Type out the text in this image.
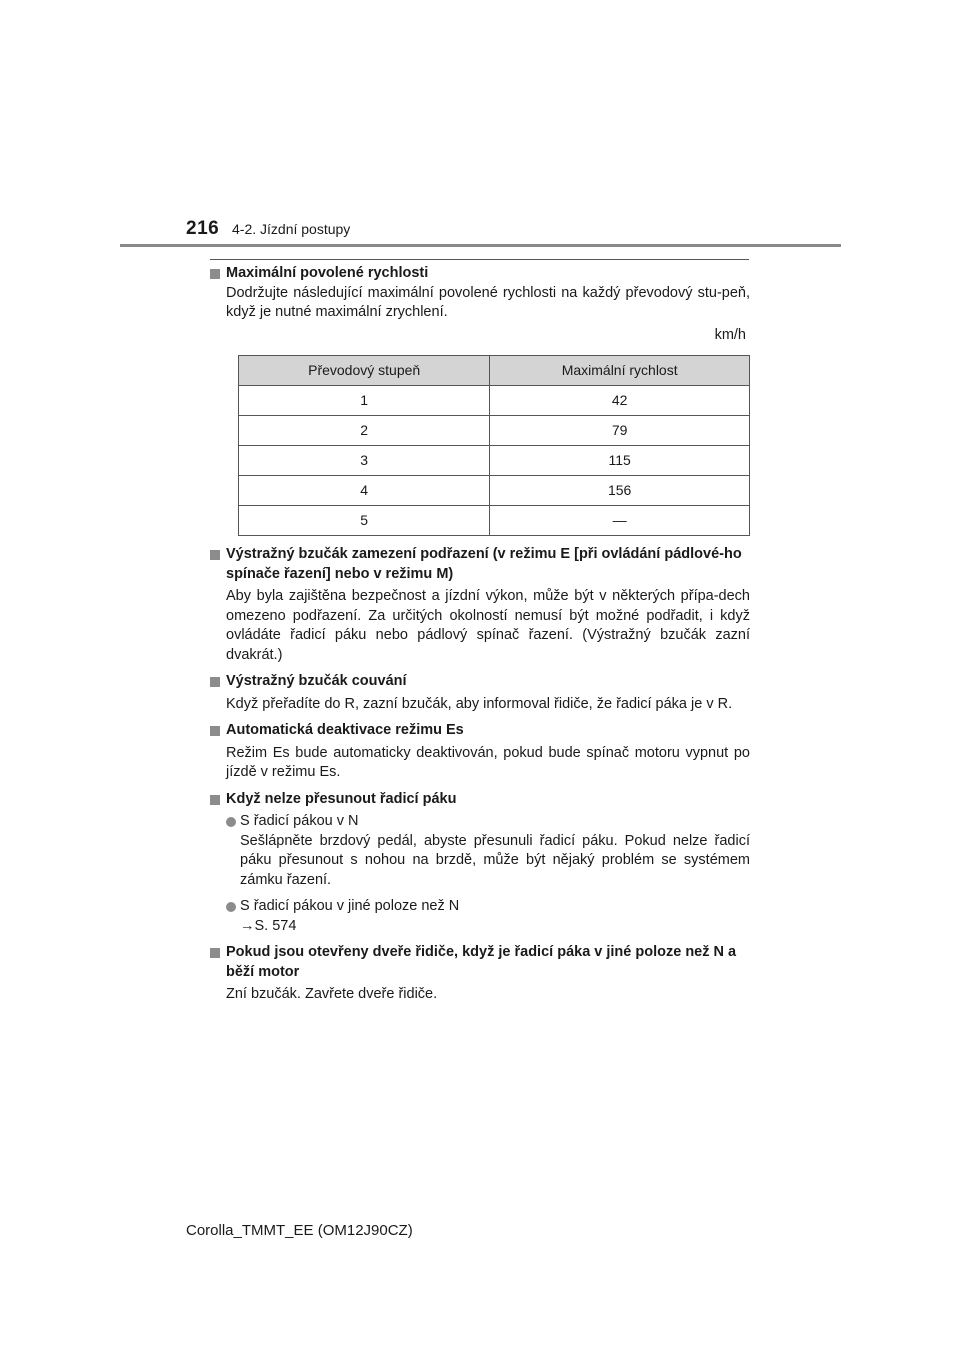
216 4-2. Jízdní postupy
Maximální povolené rychlosti
Dodržujte následující maximální povolené rychlosti na každý převodový stu-peň, když je nutné maximální zrychlení.
km/h
Převodový stupeň	Maximální rychlost
1	42
2	79
3	115
4	156
5	—
Výstražný bzučák zamezení podřazení (v režimu E [při ovládání pádlové-ho spínače řazení] nebo v režimu M)
Aby byla zajištěna bezpečnost a jízdní výkon, může být v některých přípa-dech omezeno podřazení. Za určitých okolností nemusí být možné podřadit, i když ovládáte řadicí páku nebo pádlový spínač řazení. (Výstražný bzučák zazní dvakrát.)
Výstražný bzučák couvání
Když přeřadíte do R, zazní bzučák, aby informoval řidiče, že řadicí páka je v R.
Automatická deaktivace režimu Es
Režim Es bude automaticky deaktivován, pokud bude spínač motoru vypnut po jízdě v režimu Es.
Když nelze přesunout řadicí páku
S řadicí pákou v N
Sešlápněte brzdový pedál, abyste přesunuli řadicí páku. Pokud nelze řadicí páku přesunout s nohou na brzdě, může být nějaký problém se systémem zámku řazení.
S řadicí pákou v jiné poloze než N
→S. 574
Pokud jsou otevřeny dveře řidiče, když je řadicí páka v jiné poloze než N a běží motor
Zní bzučák. Zavřete dveře řidiče.
Corolla_TMMT_EE (OM12J90CZ)
